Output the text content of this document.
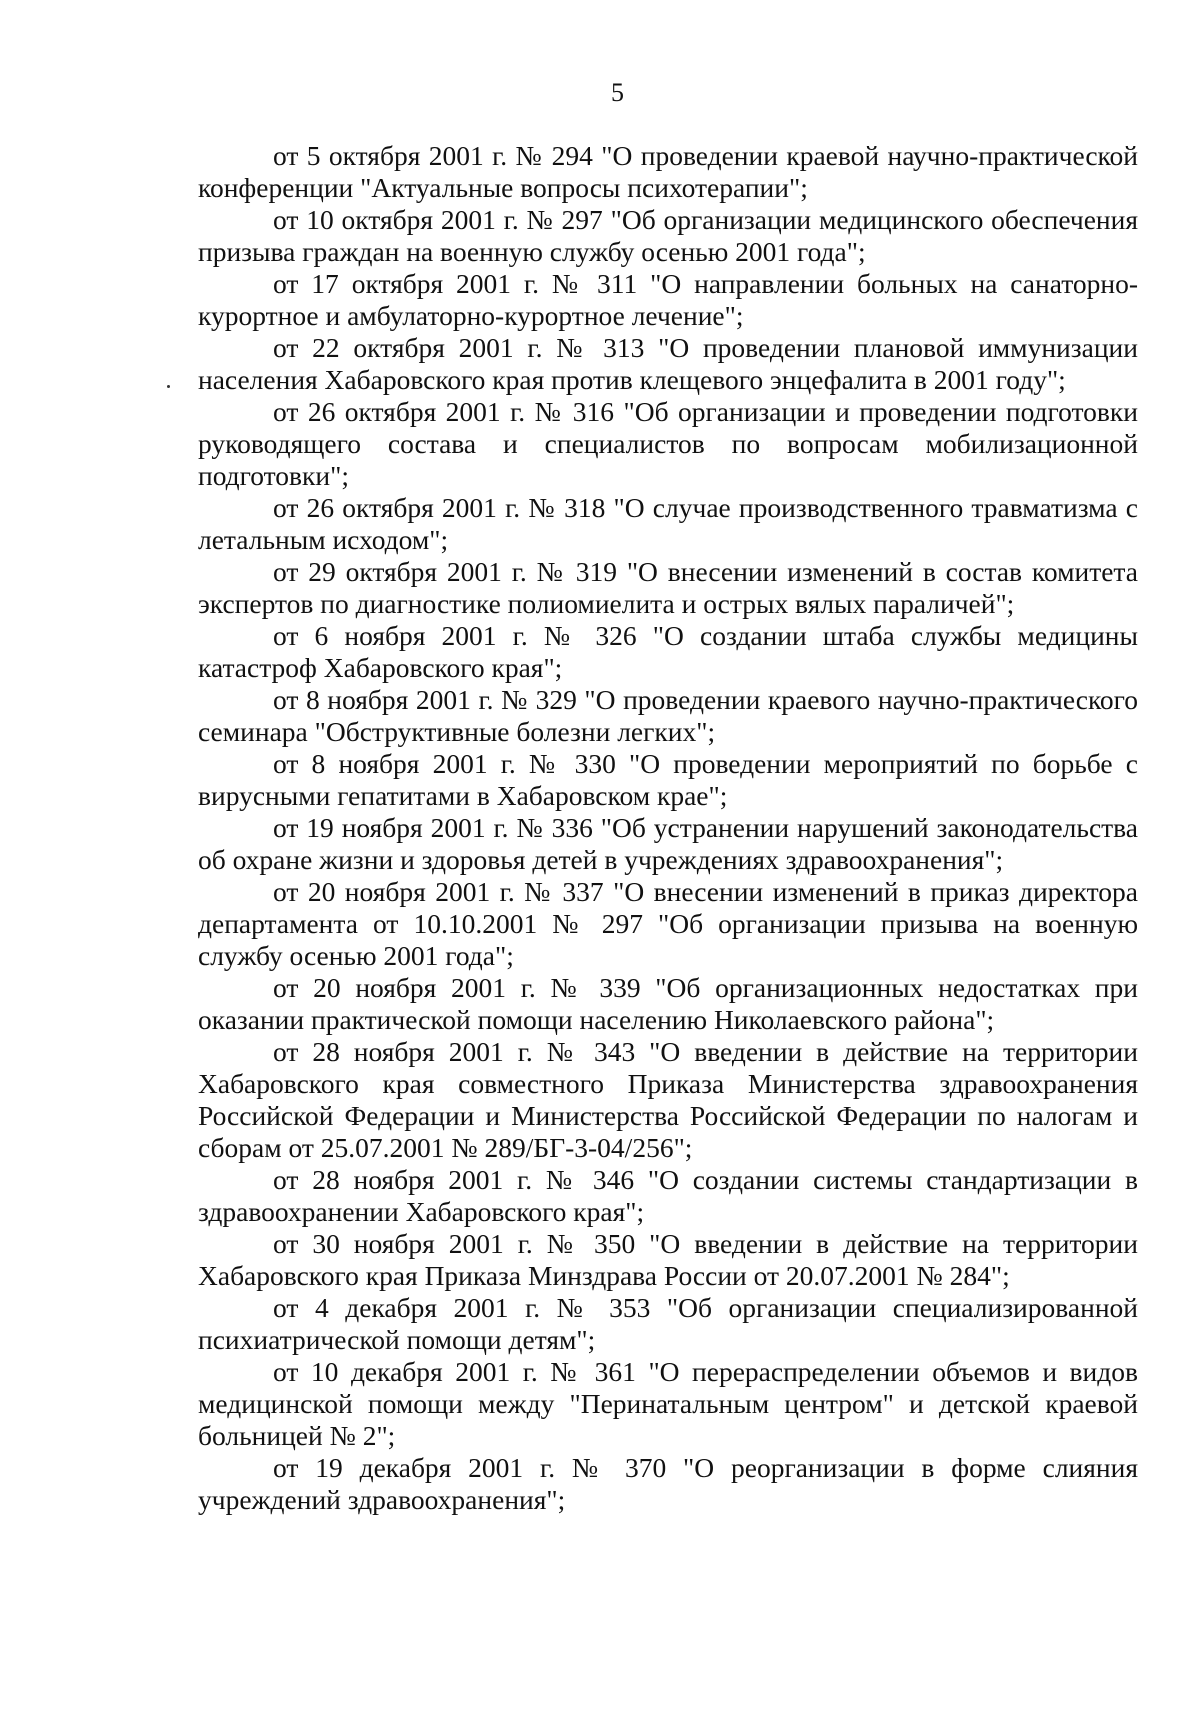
5

от 5 октября 2001 г. № 294 "О проведении краевой научно-практической конференции "Актуальные вопросы психотерапии";

от 10 октября 2001 г. № 297 "Об организации медицинского обеспечения призыва граждан на военную службу осенью 2001 года";

от 17 октября 2001 г. № 311 "О направлении больных на санаторно-курортное и амбулаторно-курортное лечение";

от 22 октября 2001 г. № 313 "О проведении плановой иммунизации населения Хабаровского края против клещевого энцефалита в 2001 году";

от 26 октября 2001 г. № 316 "Об организации и проведении подготовки руководящего состава и специалистов по вопросам мобилизационной подготовки";

от 26 октября 2001 г. № 318 "О случае производственного травматизма с летальным исходом";

от 29 октября 2001 г. № 319 "О внесении изменений в состав комитета экспертов по диагностике полиомиелита и острых вялых параличей";

от 6 ноября 2001 г. № 326 "О создании штаба службы медицины катастроф Хабаровского края";

от 8 ноября 2001 г. № 329 "О проведении краевого научно-практического семинара "Обструктивные болезни легких";

от 8 ноября 2001 г. № 330 "О проведении мероприятий по борьбе с вирусными гепатитами в Хабаровском крае";

от 19 ноября 2001 г. № 336 "Об устранении нарушений законодательства об охране жизни и здоровья детей в учреждениях здравоохранения";

от 20 ноября 2001 г. № 337 "О внесении изменений в приказ директора департамента от 10.10.2001 № 297 "Об организации призыва на военную службу осенью 2001 года";

от 20 ноября 2001 г. № 339 "Об организационных недостатках при оказании практической помощи населению Николаевского района";

от 28 ноября 2001 г. № 343 "О введении в действие на территории Хабаровского края совместного Приказа Министерства здравоохранения Российской Федерации и Министерства Российской Федерации по налогам и сборам от 25.07.2001 № 289/БГ-3-04/256";

от 28 ноября 2001 г. № 346 "О создании системы стандартизации в здравоохранении Хабаровского края";

от 30 ноября 2001 г. № 350 "О введении в действие на территории Хабаровского края Приказа Минздрава России от 20.07.2001 № 284";

от 4 декабря 2001 г. № 353 "Об организации специализированной психиатрической помощи детям";

от 10 декабря 2001 г. № 361 "О перераспределении объемов и видов медицинской помощи между "Перинатальным центром" и детской краевой больницей № 2";

от 19 декабря 2001 г. № 370 "О реорганизации в форме слияния учреждений здравоохранения";
